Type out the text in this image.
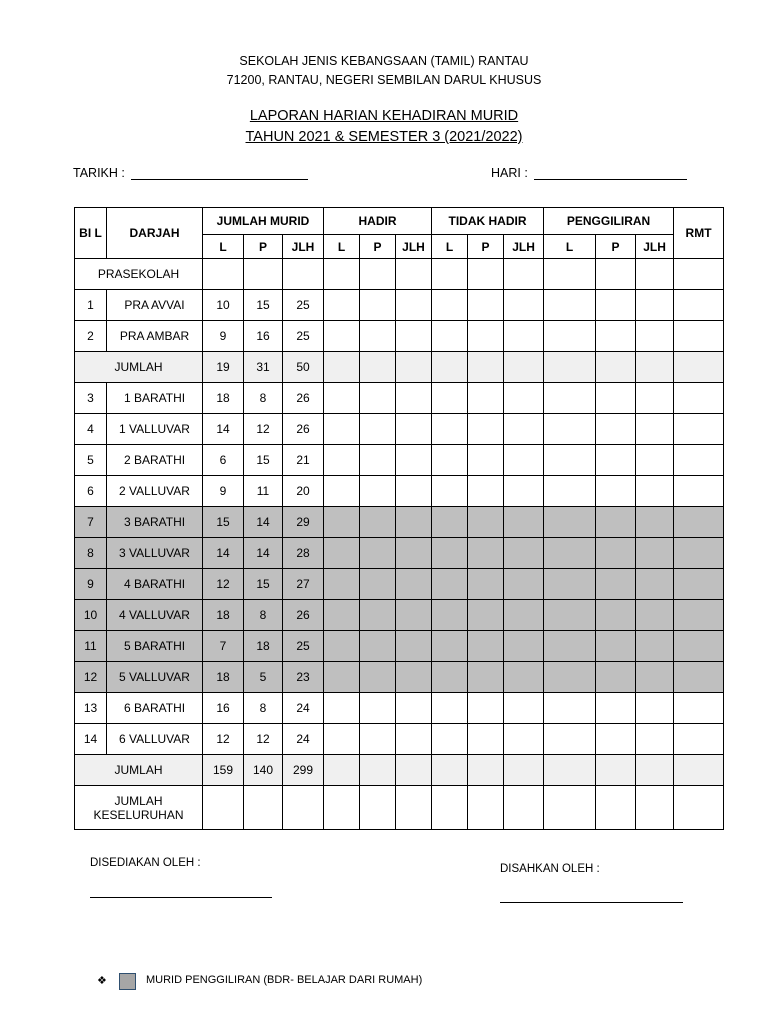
SEKOLAH JENIS KEBANGSAAN (TAMIL) RANTAU
71200, RANTAU, NEGERI SEMBILAN DARUL KHUSUS
LAPORAN HARIAN KEHADIRAN MURID
TAHUN 2021 & SEMESTER 3 (2021/2022)
TARIKH :	HARI :
BI L	DARJAH	JUMLAH MURID			HADIR			TIDAK HADIR			PENGGILIRAN			RMT
		L	P	JLH	L	P	JLH	L	P	JLH	L	P	JLH	
PRASEKOLAH														
1	PRA AVVAI	10	15	25										
2	PRA AMBAR	9	16	25										
JUMLAH		19	31	50										
3	1 BARATHI	18	8	26										
4	1 VALLUVAR	14	12	26										
5	2 BARATHI	6	15	21										
6	2 VALLUVAR	9	11	20										
7	3 BARATHI	15	14	29										
8	3 VALLUVAR	14	14	28										
9	4 BARATHI	12	15	27										
10	4 VALLUVAR	18	8	26										
11	5 BARATHI	7	18	25										
12	5 VALLUVAR	18	5	23										
13	6 BARATHI	16	8	24										
14	6 VALLUVAR	12	12	24										
JUMLAH		159	140	299										
JUMLAH KESELURUHAN														
DISEDIAKAN OLEH :	DISAHKAN OLEH :
❖	MURID PENGGILIRAN (BDR- BELAJAR DARI RUMAH)
